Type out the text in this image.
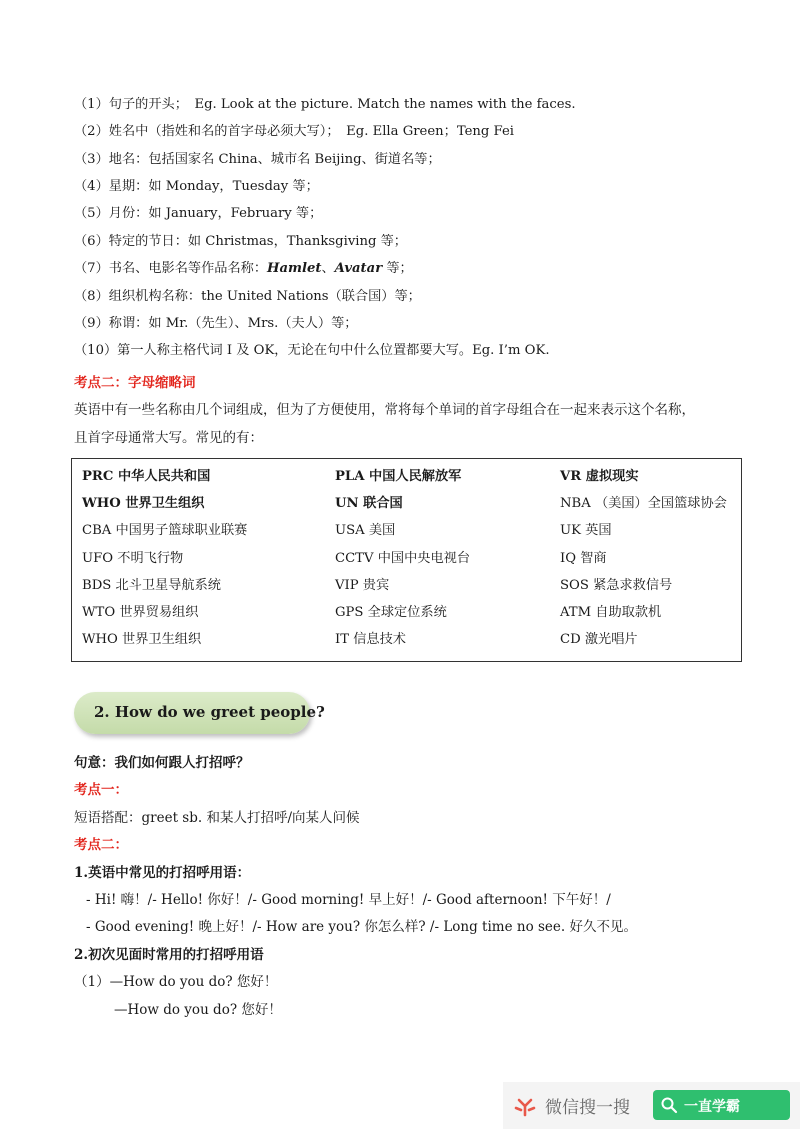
（1）句子的开头；　Eg. Look at the picture. Match the names with the faces.
（2）姓名中（指姓和名的首字母必须大写）；　Eg. Ella Green；Teng Fei
（3）地名：包括国家名 China、城市名 Beijing、街道名等；
（4）星期：如 Monday，Tuesday 等；
（5）月份：如 January，February 等；
（6）特定的节日：如 Christmas，Thanksgiving 等；
（7）书名、电影名等作品名称：Hamlet、Avatar 等；
（8）组织机构名称：the United Nations（联合国）等；
（9）称谓：如 Mr.（先生）、Mrs.（夫人）等；
（10）第一人称主格代词 I 及 OK，无论在句中什么位置都要大写。Eg. I’m OK.
考点二：字母缩略词
英语中有一些名称由几个词组成，但为了方便使用，常将每个单词的首字母组合在一起来表示这个名称，
且首字母通常大写。常见的有：
PRC 中华人民共和国	PLA 中国人民解放军	VR 虚拟现实
WHO 世界卫生组织	UN 联合国	NBA （美国）全国篮球协会
CBA 中国男子篮球职业联赛	USA 美国	UK 英国
UFO 不明飞行物	CCTV 中国中央电视台	IQ 智商
BDS 北斗卫星导航系统	VIP 贵宾	SOS 紧急求救信号
WTO 世界贸易组织	GPS 全球定位系统	ATM 自助取款机
WHO 世界卫生组织	IT 信息技术	CD 激光唱片
2. How do we greet people?
句意：我们如何跟人打招呼？
考点一：
短语搭配：greet sb. 和某人打招呼/向某人问候
考点二：
1.英语中常见的打招呼用语：
- Hi! 嗨！/- Hello! 你好！/- Good morning! 早上好！/- Good afternoon! 下午好！/
- Good evening! 晚上好！/- How are you? 你怎么样? /- Long time no see. 好久不见。
2.初次见面时常用的打招呼用语
（1）—How do you do? 您好！
—How do you do? 您好！
微信搜一搜	一直学霸
